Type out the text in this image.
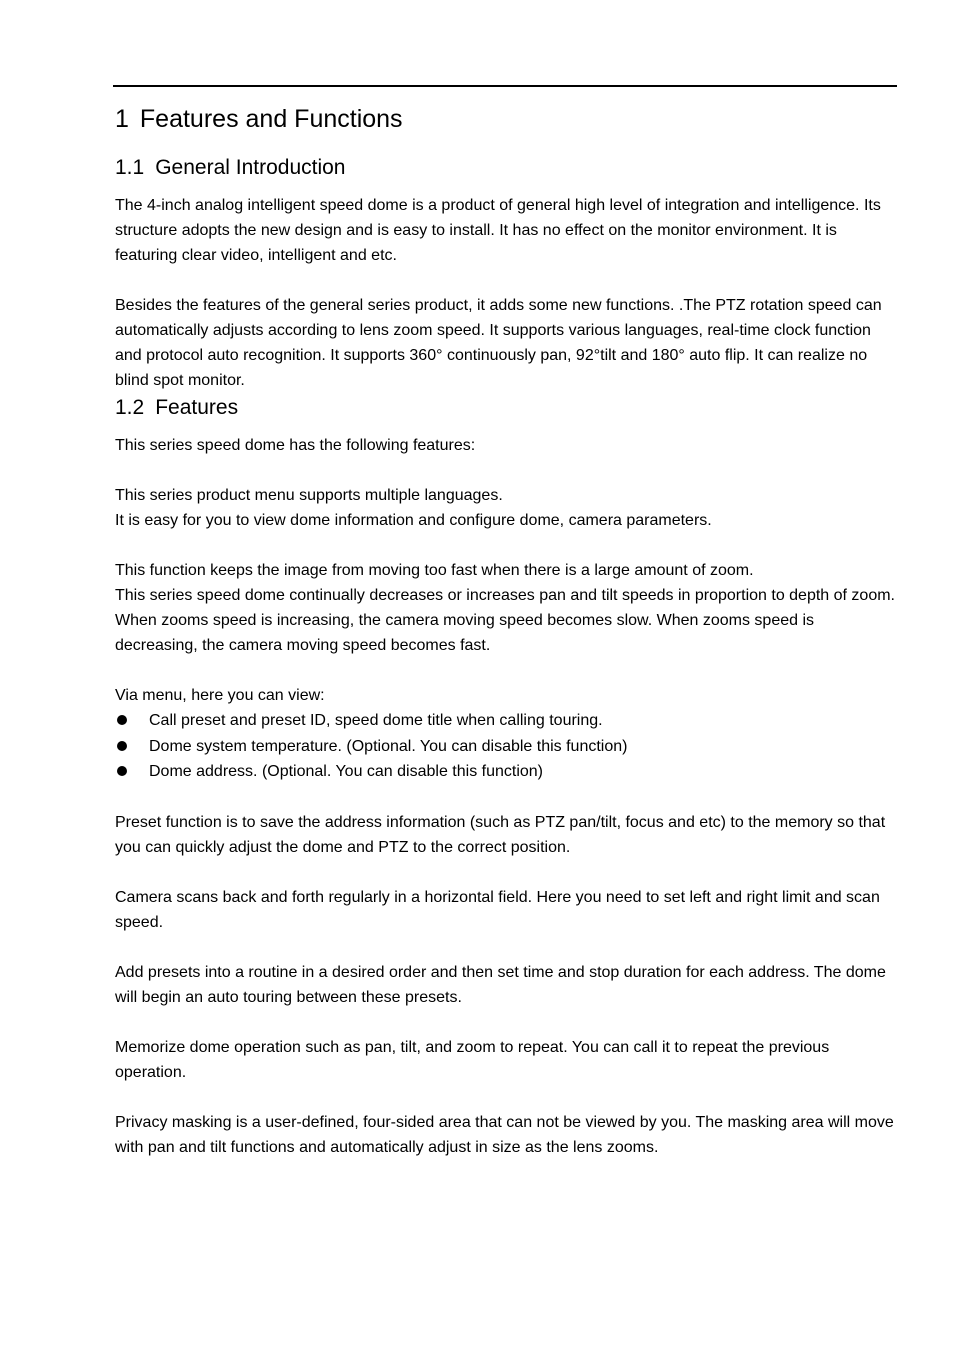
1 Features and Functions
1.1 General Introduction

The 4-inch analog intelligent speed dome is a product of general high level of integration and intelligence. Its structure adopts the new design and is easy to install. It has no effect on the monitor environment. It is featuring clear video, intelligent and etc.

Besides the features of the general series product, it adds some new functions. .The PTZ rotation speed can automatically adjusts according to lens zoom speed. It supports various languages, real-time clock function and protocol auto recognition. It supports 360° continuously pan, 92°tilt and 180° auto flip. It can realize no blind spot monitor.

1.2 Features

This series speed dome has the following features:

This series product menu supports multiple languages.

It is easy for you to view dome information and configure dome, camera parameters.

This function keeps the image from moving too fast when there is a large amount of zoom.

This series speed dome continually decreases or increases pan and tilt speeds in proportion to depth of zoom. When zooms speed is increasing, the camera moving speed becomes slow. When zooms speed is decreasing, the camera moving speed becomes fast.

Via menu, here you can view:

Call preset and preset ID, speed dome title when calling touring.
Dome system temperature. (Optional. You can disable this function)
Dome address. (Optional. You can disable this function)

Preset function is to save the address information (such as PTZ pan/tilt, focus and etc) to the memory so that you can quickly adjust the dome and PTZ to the correct position.

Camera scans back and forth regularly in a horizontal field. Here you need to set left and right limit and scan speed.

Add presets into a routine in a desired order and then set time and stop duration for each address. The dome will begin an auto touring between these presets.

Memorize dome operation such as pan, tilt, and zoom to repeat. You can call it to repeat the previous operation.

Privacy masking is a user-defined, four-sided area that can not be viewed by you. The masking area will move with pan and tilt functions and automatically adjust in size as the lens zooms.
